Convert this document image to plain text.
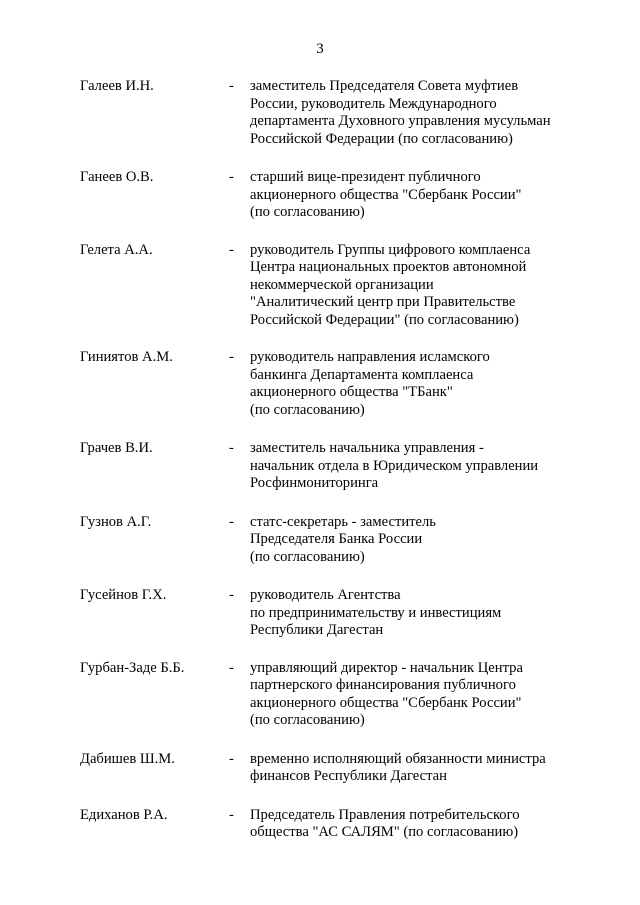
3
Галеев И.Н.	- заместитель Председателя Совета муфтиев
России, руководитель Международного
департамента Духовного управления мусульман
Российской Федерации (по согласованию)
Ганеев О.В.	- старший вице-президент публичного
акционерного общества "Сбербанк России"
(по согласованию)
Гелета А.А.	- руководитель Группы цифрового комплаенса
Центра национальных проектов автономной
некоммерческой организации
"Аналитический центр при Правительстве
Российской Федерации" (по согласованию)
Гиниятов А.М.	- руководитель направления исламского
банкинга Департамента комплаенса
акционерного общества "ТБанк"
(по согласованию)
Грачев В.И.	- заместитель начальника управления -
начальник отдела в Юридическом управлении
Росфинмониторинга
Гузнов А.Г.	- статс-секретарь - заместитель
Председателя Банка России
(по согласованию)
Гусейнов Г.Х.	- руководитель Агентства
по предпринимательству и инвестициям
Республики Дагестан
Гурбан-Заде Б.Б.	- управляющий директор - начальник Центра
партнерского финансирования публичного
акционерного общества "Сбербанк России"
(по согласованию)
Дабишев Ш.М.	- временно исполняющий обязанности министра
финансов Республики Дагестан
Едиханов Р.А.	- Председатель Правления потребительского
общества "АС САЛЯМ" (по согласованию)
